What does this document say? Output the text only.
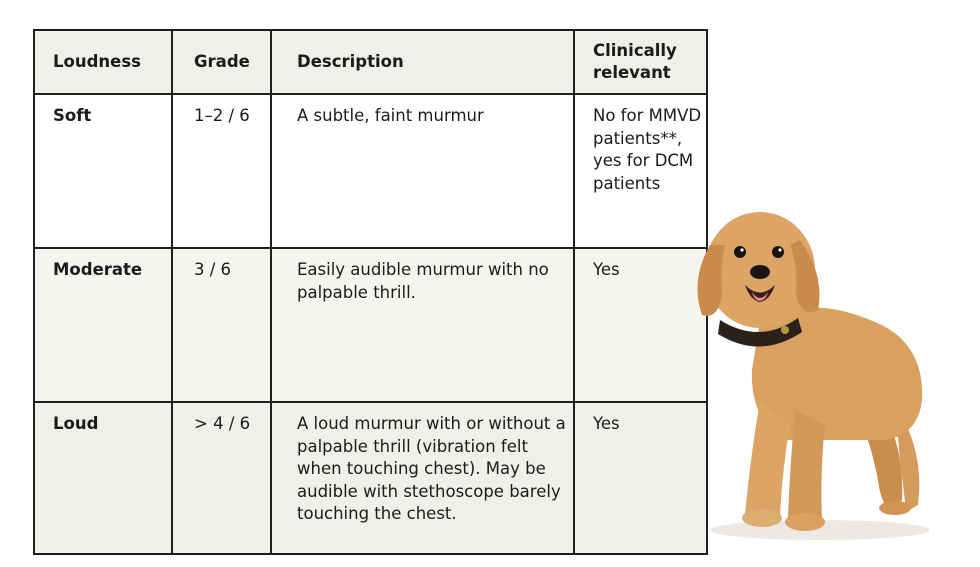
Loudness	Grade	Description	Clinically relevant
Soft	1–2 / 6	A subtle, faint murmur	No for MMVD patients**, yes for DCM patients
Moderate	3 / 6	Easily audible murmur with no palpable thrill.	Yes
Loud	> 4 / 6	A loud murmur with or without a palpable thrill (vibration felt when touching chest). May be audible with stethoscope barely touching the chest.	Yes
